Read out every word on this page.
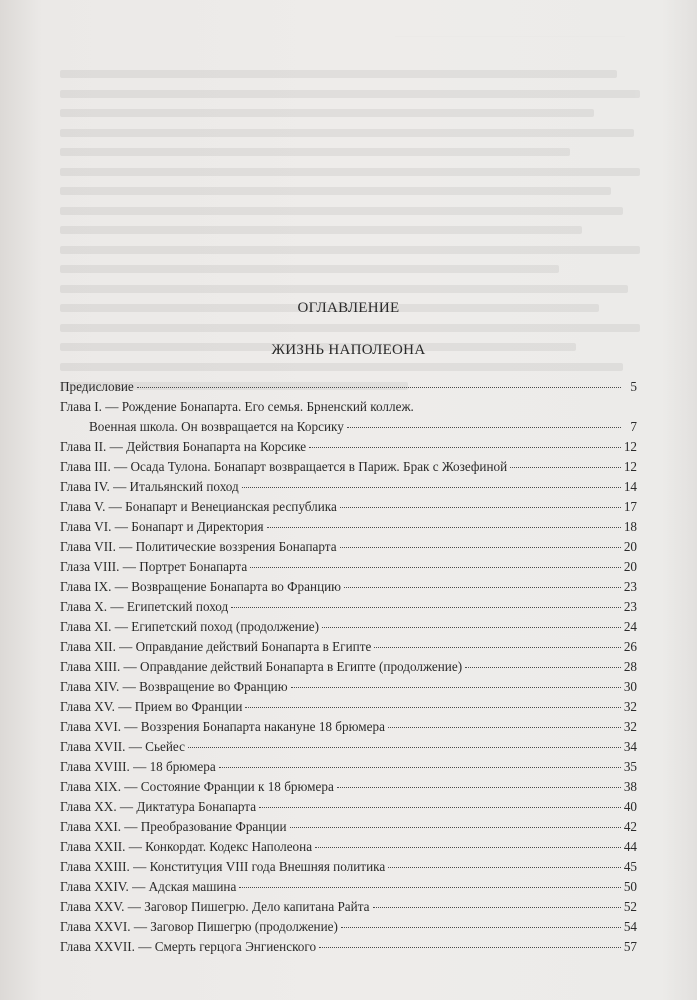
ОГЛАВЛЕНИЕ
ЖИЗНЬ НАПОЛЕОНА
Предисловие	5
Глава I. — Рождение Бонапарта. Его семья. Брненский коллеж.
Военная школа. Он возвращается на Корсику	7
Глава II. — Действия Бонапарта на Корсике	12
Глава III. — Осада Тулона. Бонапарт возвращается в Париж. Брак с Жозефиной	12
Глава IV. — Итальянский поход	14
Глава V. — Бонапарт и Венецианская республика	17
Глава VI. — Бонапарт и Директория	18
Глава VII. — Политические воззрения Бонапарта	20
Глаза VIII. — Портрет Бонапарта	20
Глава IX. — Возвращение Бонапарта во Францию	23
Глава X. — Египетский поход	23
Глава XI. — Египетский поход (продолжение)	24
Глава XII. — Оправдание действий Бонапарта в Египте	26
Глава XIII. — Оправдание действий Бонапарта в Египте (продолжение)	28
Глава XIV. — Возвращение во Францию	30
Глава XV. — Прием во Франции	32
Глава XVI. — Воззрения Бонапарта накануне 18 брюмера	32
Глава XVII. — Сьейес	34
Глава XVIII. — 18 брюмера	35
Глава XIX. — Состояние Франции к 18 брюмера	38
Глава XX. — Диктатура Бонапарта	40
Глава XXI. — Преобразование Франции	42
Глава XXII. — Конкордат. Кодекс Наполеона	44
Глава XXIII. — Конституция VIII года Внешняя политика	45
Глава XXIV. — Адская машина	50
Глава XXV. — Заговор Пишегрю. Дело капитана Райта	52
Глава XXVI. — Заговор Пишегрю (продолжение)	54
Глава XXVII. — Смерть герцога Энгиенского	57
